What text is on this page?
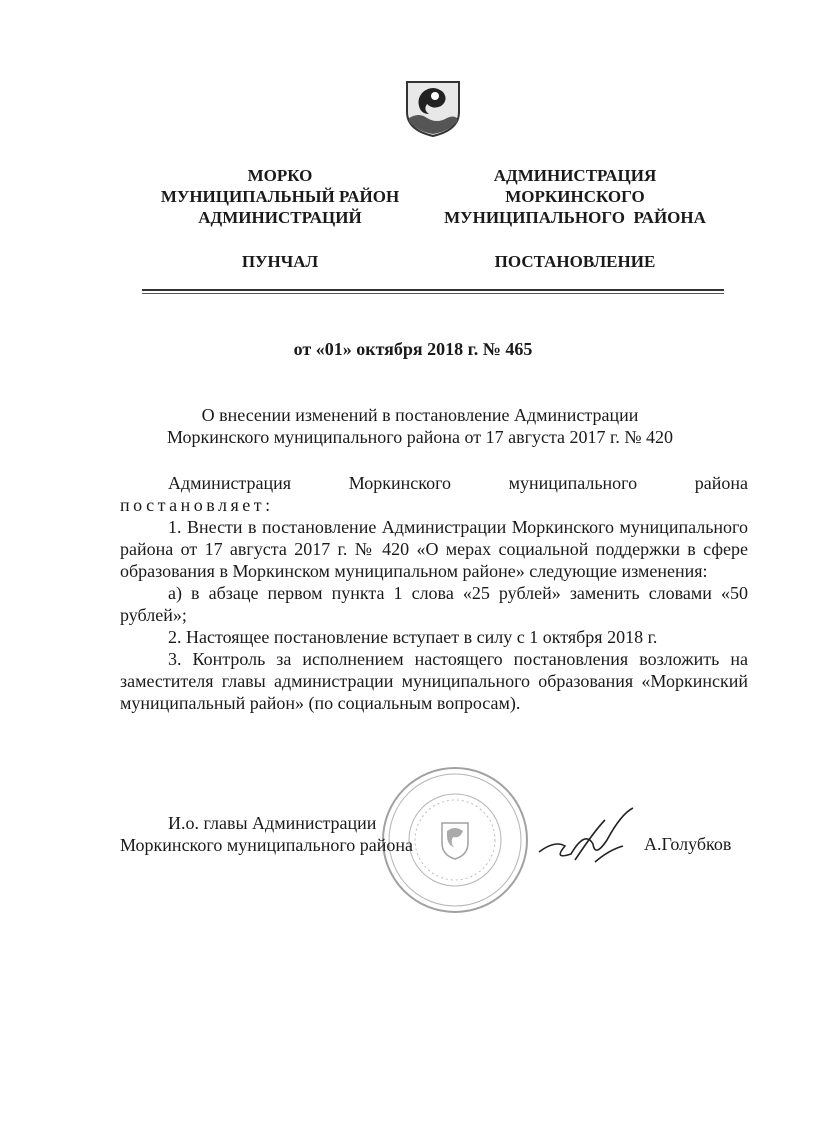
МОРКО
МУНИЦИПАЛЬНЫЙ РАЙОН
АДМИНИСТРАЦИЙ
АДМИНИСТРАЦИЯ
МОРКИНСКОГО
МУНИЦИПАЛЬНОГО  РАЙОНА
ПУНЧАЛ	ПОСТАНОВЛЕНИЕ
от «01» октября 2018 г. № 465
О внесении изменений в постановление Администрации
Моркинского муниципального района от 17 августа 2017 г. № 420

Администрация Моркинского муниципального района

постановляет:

1. Внести в постановление Администрации Моркинского муниципального района от 17 августа 2017 г. № 420 «О мерах социальной поддержки в сфере образования в Моркинском муниципальном районе» следующие изменения:

а) в абзаце первом пункта 1 слова «25 рублей» заменить словами «50 рублей»;

2. Настоящее постановление вступает в силу с 1 октября 2018 г.

3. Контроль за исполнением настоящего постановления возложить на заместителя главы администрации муниципального образования «Моркинский муниципальный район» (по социальным вопросам).

И.о. главы Администрации
Моркинского муниципального района	А.Голубков
